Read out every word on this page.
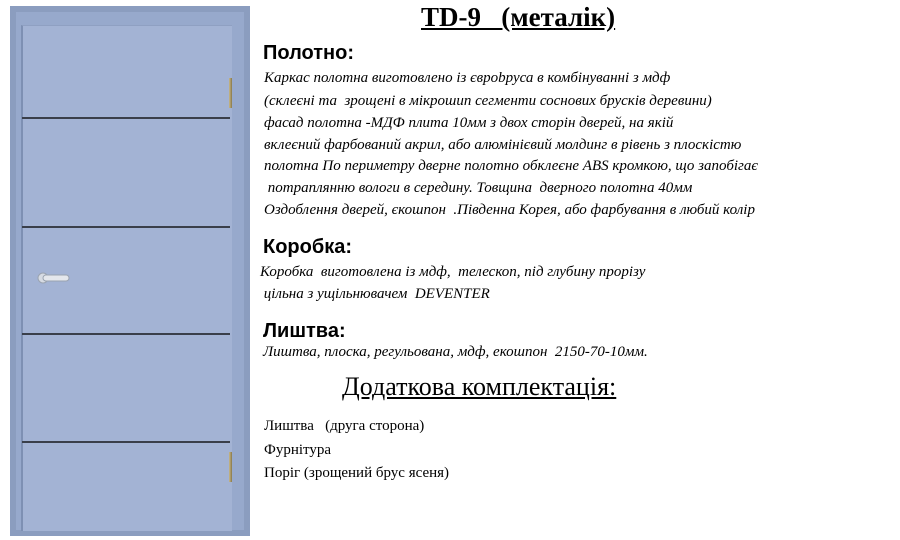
TD-9   (металік)
Полотно:
Каркас полотна виготовлено із єврobруса в комбінуванні з мдф
(склеєні та  зрощені в мікрошип сегменти соснових брусків деревини)
фасад полотна -МДФ плита 10мм з двох сторін дверей, на якій
вклеєний фарбований акрил, або алюмінієвий молдинг в рівень з плоскістю
полотна По периметру дверне полотно обклеєне ABS кромкою, що запобігає
потраплянню вологи в середину. Товщина  дверного полотна 40мм
Оздоблення дверей, єкошпон  .Південна Корея, або фарбування в любий колір
Коробка:
Коробка  виготовлена із мдф,  телескоп, під глубину прорізу
цільна з ущільнювачем  DEVENTER
Лиштва:
Лиштва, плоска, регульована, мдф, екошпон  2150-70-10мм.
Додаткова комплектація:
Лиштва   (друга сторона)
Фурнітура
Поріг (зрощений брус ясеня)
